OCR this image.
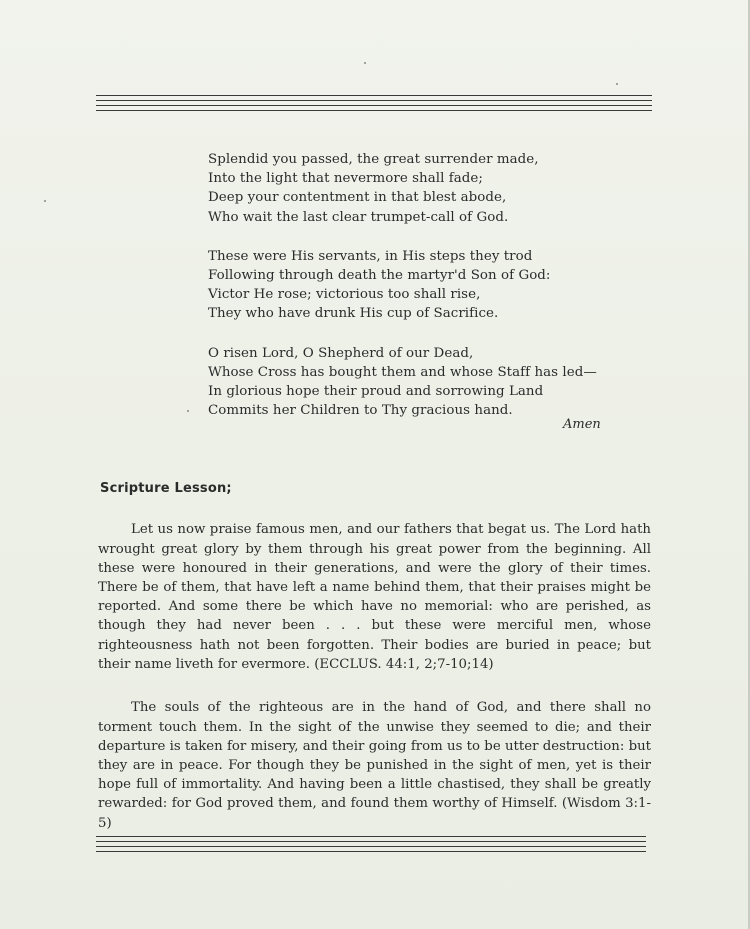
Splendid you passed, the great surrender made,
Into the light that nevermore shall fade;
Deep your contentment in that blest abode,
Who wait the last clear trumpet-call of God.
These were His servants, in His steps they trod
Following through death the martyr'd Son of God:
Victor He rose; victorious too shall rise,
They who have drunk His cup of Sacrifice.
O risen Lord, O Shepherd of our Dead,
Whose Cross has bought them and whose Staff has led—
In glorious hope their proud and sorrowing Land
Commits her Children to Thy gracious hand.
Amen
Scripture Lesson;

Let us now praise famous men, and our fathers that begat us. The Lord hath wrought great glory by them through his great power from the beginning. All these were honoured in their generations, and were the glory of their times. There be of them, that have left a name behind them, that their praises might be reported. And some there be which have no memorial: who are perished, as though they had never been . . . but these were merciful men, whose righteousness hath not been forgotten. Their bodies are buried in peace; but their name liveth for evermore. (ECCLUS. 44:1, 2;7-10;14)

The souls of the righteous are in the hand of God, and there shall no torment touch them. In the sight of the unwise they seemed to die; and their departure is taken for misery, and their going from us to be utter destruction: but they are in peace. For though they be punished in the sight of men, yet is their hope full of immortality. And having been a little chastised, they shall be greatly rewarded: for God proved them, and found them worthy of Himself. (Wisdom 3:1-5)
